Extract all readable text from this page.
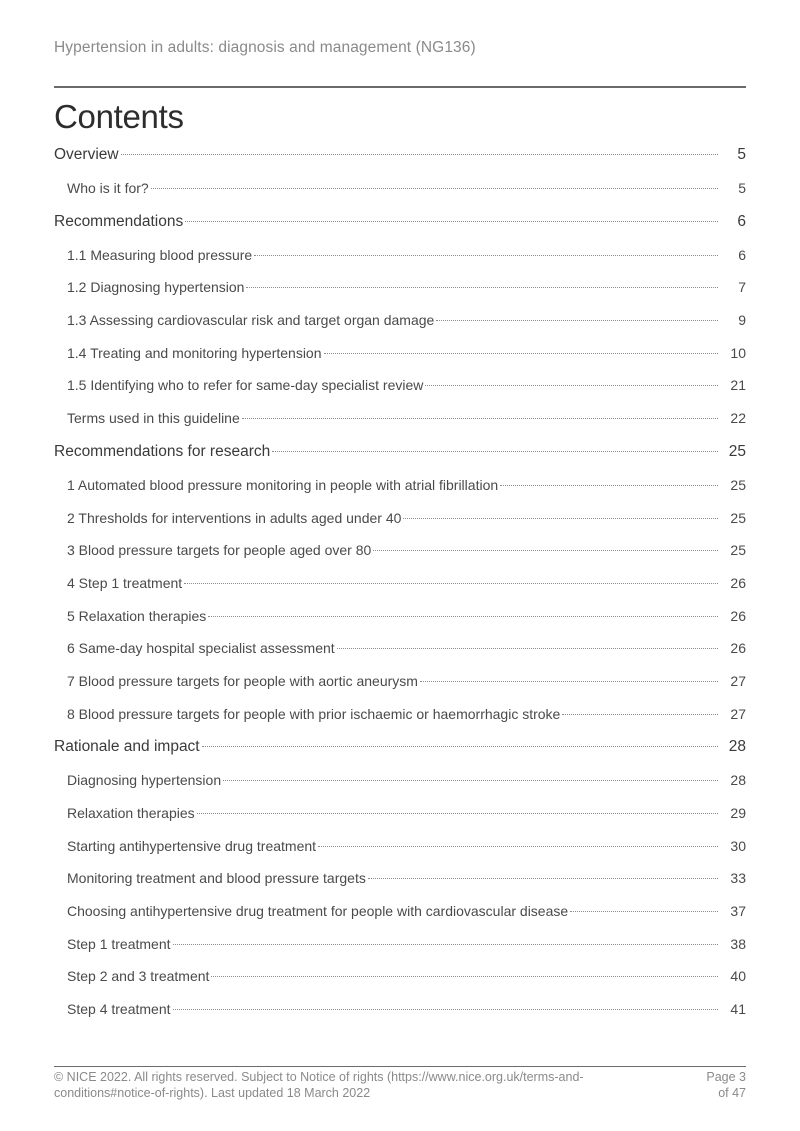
Hypertension in adults: diagnosis and management (NG136)
Contents
Overview	5
Who is it for?	5
Recommendations	6
1.1 Measuring blood pressure	6
1.2 Diagnosing hypertension	7
1.3 Assessing cardiovascular risk and target organ damage	9
1.4 Treating and monitoring hypertension	10
1.5 Identifying who to refer for same-day specialist review	21
Terms used in this guideline	22
Recommendations for research	25
1 Automated blood pressure monitoring in people with atrial fibrillation	25
2 Thresholds for interventions in adults aged under 40	25
3 Blood pressure targets for people aged over 80	25
4 Step 1 treatment	26
5 Relaxation therapies	26
6 Same-day hospital specialist assessment	26
7 Blood pressure targets for people with aortic aneurysm	27
8 Blood pressure targets for people with prior ischaemic or haemorrhagic stroke	27
Rationale and impact	28
Diagnosing hypertension	28
Relaxation therapies	29
Starting antihypertensive drug treatment	30
Monitoring treatment and blood pressure targets	33
Choosing antihypertensive drug treatment for people with cardiovascular disease	37
Step 1 treatment	38
Step 2 and 3 treatment	40
Step 4 treatment	41
© NICE 2022. All rights reserved. Subject to Notice of rights (https://www.nice.org.uk/terms-and-
conditions#notice-of-rights). Last updated 18 March 2022
Page 3
of 47
